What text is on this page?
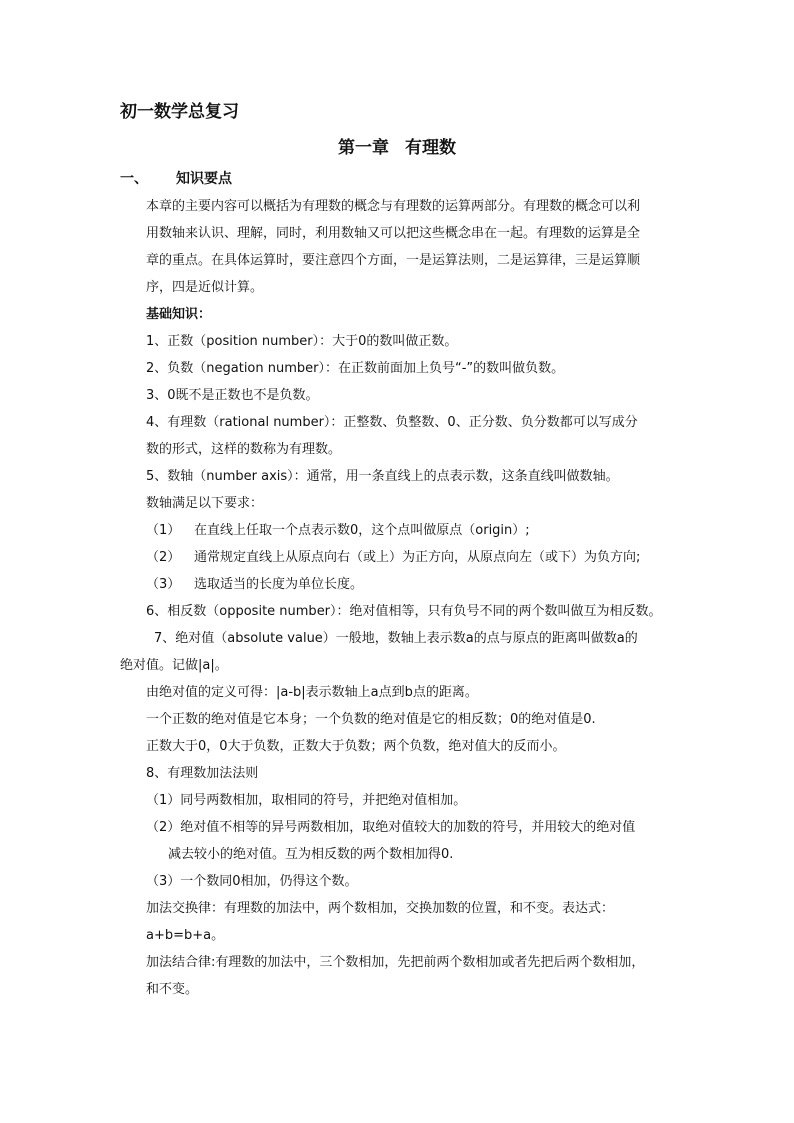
初一数学总复习
第一章 有理数
一、 知识要点

本章的主要内容可以概括为有理数的概念与有理数的运算两部分。有理数的概念可以利

用数轴来认识、理解，同时，利用数轴又可以把这些概念串在一起。有理数的运算是全

章的重点。在具体运算时，要注意四个方面，一是运算法则，二是运算律，三是运算顺

序，四是近似计算。

基础知识：

1、正数（position number）：大于0的数叫做正数。

2、负数（negation number）：在正数前面加上负号“-”的数叫做负数。

3、0既不是正数也不是负数。

4、有理数（rational number）：正整数、负整数、0、正分数、负分数都可以写成分

数的形式，这样的数称为有理数。

5、数轴（number axis）：通常，用一条直线上的点表示数，这条直线叫做数轴。

数轴满足以下要求：

（1） 在直线上任取一个点表示数0，这个点叫做原点（origin）;

（2） 通常规定直线上从原点向右（或上）为正方向，从原点向左（或下）为负方向;

（3） 选取适当的长度为单位长度。

6、相反数（opposite number）：绝对值相等，只有负号不同的两个数叫做互为相反数。

7、绝对值（absolute value）一般地，数轴上表示数a的点与原点的距离叫做数a的

绝对值。记做|a|。

由绝对值的定义可得：|a-b|表示数轴上a点到b点的距离。

一个正数的绝对值是它本身；一个负数的绝对值是它的相反数；0的绝对值是0.

正数大于0，0大于负数，正数大于负数；两个负数，绝对值大的反而小。

8、有理数加法法则

（1）同号两数相加，取相同的符号，并把绝对值相加。

（2）绝对值不相等的异号两数相加，取绝对值较大的加数的符号，并用较大的绝对值

减去较小的绝对值。互为相反数的两个数相加得0.

（3）一个数同0相加，仍得这个数。

加法交换律：有理数的加法中，两个数相加，交换加数的位置，和不变。表达式：

a+b=b+a。

加法结合律:有理数的加法中，三个数相加，先把前两个数相加或者先把后两个数相加，

和不变。
